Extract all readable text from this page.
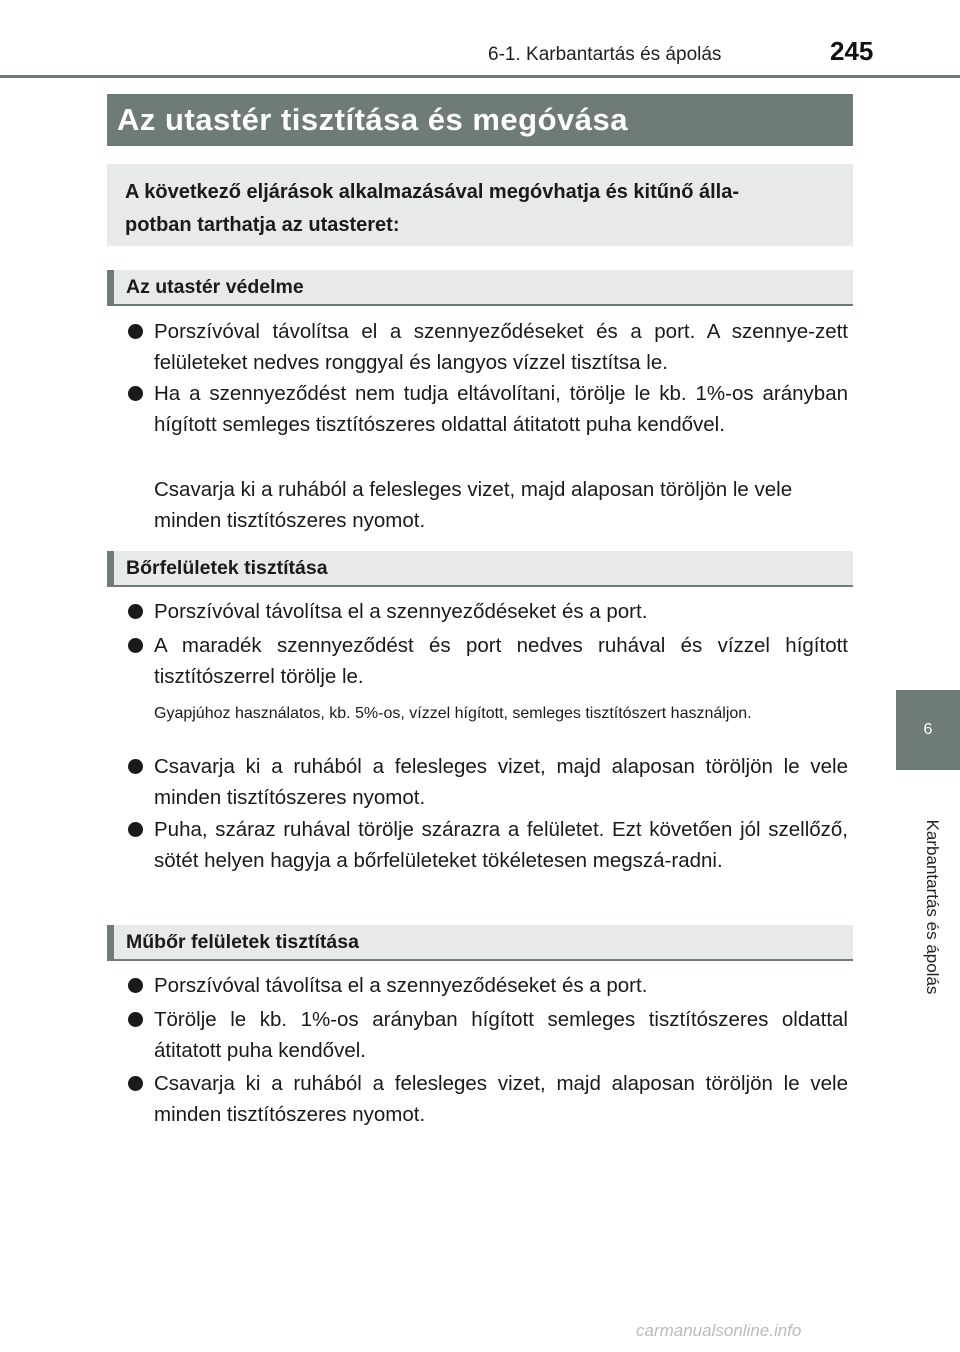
6-1. Karbantartás és ápolás	245
Az utastér tisztítása és megóvása
A következő eljárások alkalmazásával megóvhatja és kitűnő álla-
potban tarthatja az utasteret:
Az utastér védelme
Porszívóval távolítsa el a szennyeződéseket és a port. A szennye-zett felületeket nedves ronggyal és langyos vízzel tisztítsa le.
Ha a szennyeződést nem tudja eltávolítani, törölje le kb. 1%-os arányban hígított semleges tisztítószeres oldattal átitatott puha kendővel.
Csavarja ki a ruhából a felesleges vizet, majd alaposan töröljön le vele minden tisztítószeres nyomot.
Bőrfelületek tisztítása
Porszívóval távolítsa el a szennyeződéseket és a port.
A maradék szennyeződést és port nedves ruhával és vízzel hígított tisztítószerrel törölje le.
Gyapjúhoz használatos, kb. 5%-os, vízzel hígított, semleges tisztítószert használjon.
Csavarja ki a ruhából a felesleges vizet, majd alaposan töröljön le vele minden tisztítószeres nyomot.
Puha, száraz ruhával törölje szárazra a felületet. Ezt követően jól szellőző, sötét helyen hagyja a bőrfelületeket tökéletesen megszá-radni.
Műbőr felületek tisztítása
Porszívóval távolítsa el a szennyeződéseket és a port.
Törölje le kb. 1%-os arányban hígított semleges tisztítószeres oldattal átitatott puha kendővel.
Csavarja ki a ruhából a felesleges vizet, majd alaposan töröljön le vele minden tisztítószeres nyomot.
6
Karbantartás és ápolás
carmanualsonline.info
